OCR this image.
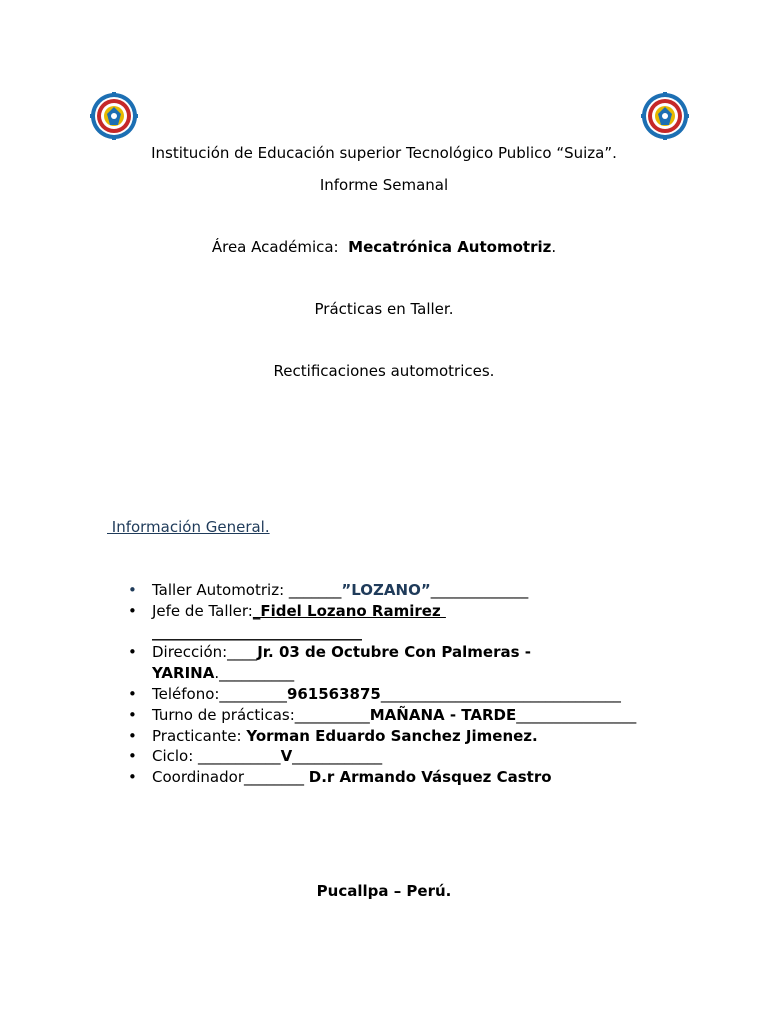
Institución de Educación superior Tecnológico Publico “Suiza”.
Informe Semanal
Área Académica: Mecatrónica Automotriz.
Prácticas en Taller.
Rectificaciones automotrices.
Información General.
•	Taller Automotriz: _______”LOZANO”_____________
•	Jefe de Taller:_Fidel Lozano Ramirez
____________________________
•	Dirección:____Jr. 03 de Octubre Con Palmeras -
YARINA.__________
•	Teléfono:_________961563875________________________________
•	Turno de prácticas:__________MAÑANA - TARDE________________
•	Practicante: Yorman Eduardo Sanchez Jimenez.
•	Ciclo: ___________V____________
•	Coordinador________ D.r Armando Vásquez Castro
Pucallpa – Perú.
